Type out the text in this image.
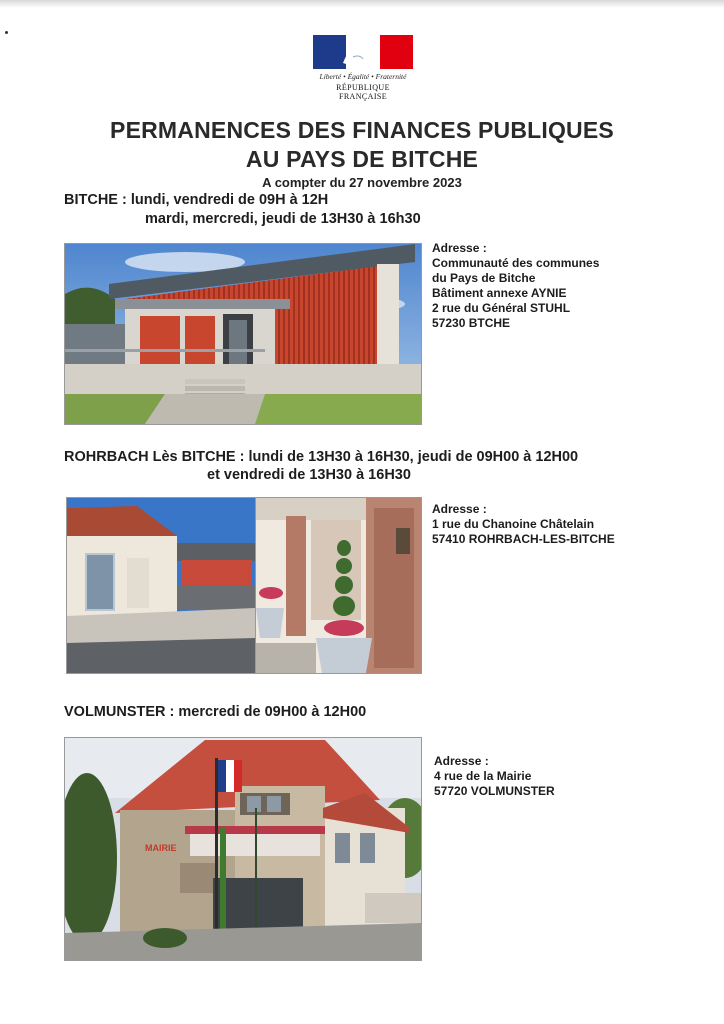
Liberté • Égalité • Fraternité
RÉPUBLIQUE FRANÇAISE
PERMANENCES DES FINANCES PUBLIQUES
AU PAYS DE BITCHE
A compter du 27 novembre 2023
BITCHE : lundi, vendredi de 09H à 12H
mardi, mercredi, jeudi de 13H30 à 16h30
Adresse :
Communauté des communes
du Pays de Bitche
Bâtiment annexe AYNIE
2 rue du Général STUHL
57230 BTCHE
ROHRBACH Lès BITCHE : lundi de 13H30 à 16H30, jeudi de 09H00 à 12H00
et vendredi de 13H30 à 16H30
Adresse :
1 rue du Chanoine Châtelain
57410 ROHRBACH-LES-BITCHE
VOLMUNSTER : mercredi de 09H00 à 12H00
MAIRIE
Adresse :
4 rue de la Mairie
57720 VOLMUNSTER
